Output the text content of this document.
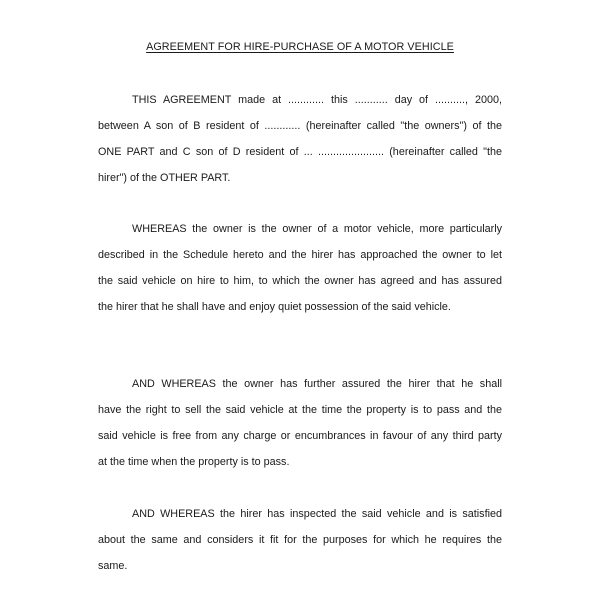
AGREEMENT FOR HIRE-PURCHASE OF A MOTOR VEHICLE
THIS AGREEMENT made at ............ this ........... day of .........., 2000,
between A son of B resident of ............ (hereinafter called "the owners") of the
ONE PART and C son of D resident of ... ...................... (hereinafter called "the
hirer") of the OTHER PART.
WHEREAS the owner is the owner of a motor vehicle, more particularly
described in the Schedule hereto and the hirer has approached the owner to let
the said vehicle on hire to him, to which the owner has agreed and has assured
the hirer that he shall have and enjoy quiet possession of the said vehicle.
AND WHEREAS the owner has further assured the hirer that he shall
have the right to sell the said vehicle at the time the property is to pass and the
said vehicle is free from any charge or encumbrances in favour of any third party
at the time when the property is to pass.
AND WHEREAS the hirer has inspected the said vehicle and is satisfied
about the same and considers it fit for the purposes for which he requires the
same.
